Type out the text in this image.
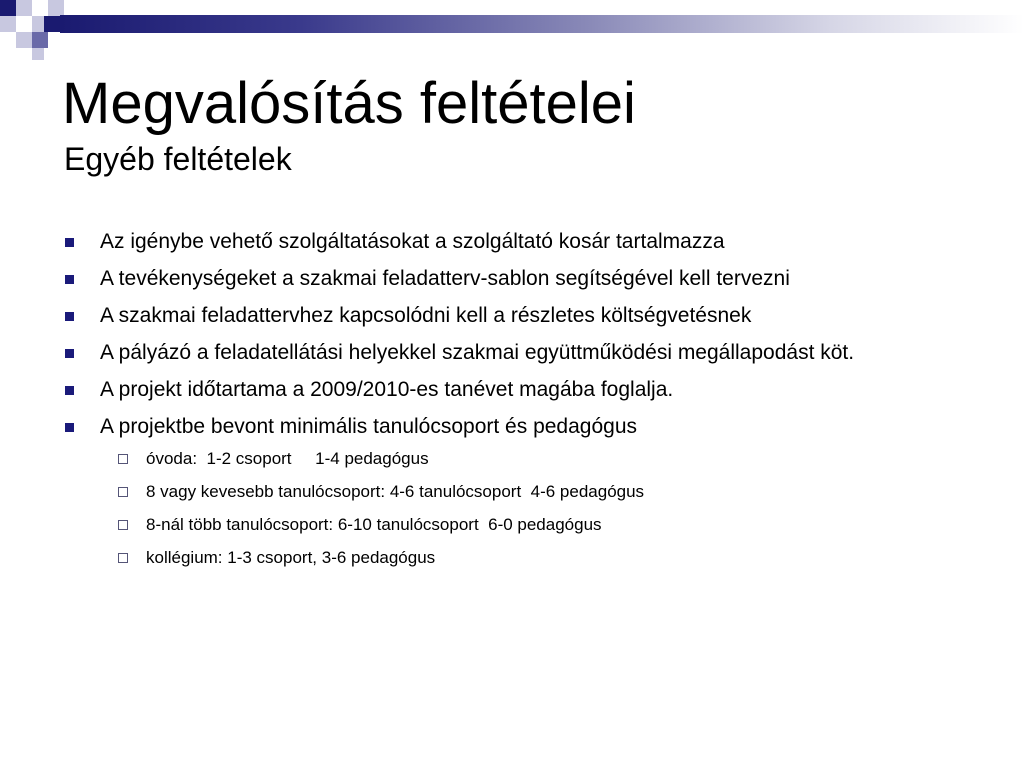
Megvalósítás feltételei
Egyéb feltételek
Az igénybe vehető szolgáltatásokat a szolgáltató kosár tartalmazza
A tevékenységeket a szakmai feladatterv-sablon segítségével kell tervezni
A szakmai feladattervhez kapcsolódni kell a részletes költségvetésnek
A pályázó a feladatellátási helyekkel szakmai együttműködési megállapodást köt.
A projekt időtartama a 2009/2010-es tanévet magába foglalja.
A projektbe bevont minimális tanulócsoport és pedagógus
óvoda:  1-2 csoport     1-4 pedagógus
8 vagy kevesebb tanulócsoport: 4-6 tanulócsoport  4-6 pedagógus
8-nál több tanulócsoport: 6-10 tanulócsoport  6-0 pedagógus
kollégium: 1-3 csoport, 3-6 pedagógus
